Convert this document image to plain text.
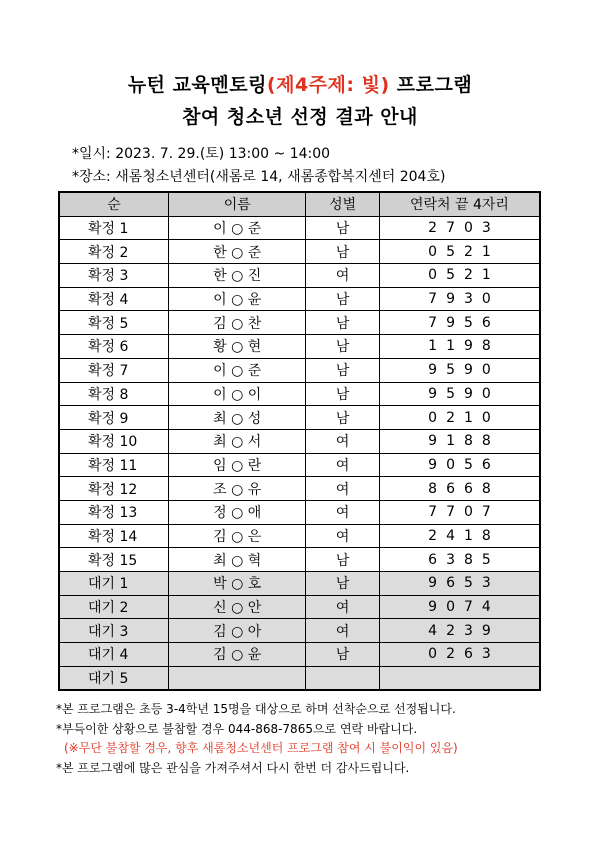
뉴턴 교육멘토링(제4주제: 빛) 프로그램
참여 청소년 선정 결과 안내
*일시: 2023. 7. 29.(토) 13:00 ~ 14:00
*장소: 새롬청소년센터(새롬로 14, 새롬종합복지센터 204호)
순	이름	성별	연락처 끝 4자리
확정 1	이 ○ 준	남	2703
확정 2	한 ○ 준	남	0521
확정 3	한 ○ 진	여	0521
확정 4	이 ○ 윤	남	7930
확정 5	김 ○ 찬	남	7956
확정 6	황 ○ 현	남	1198
확정 7	이 ○ 준	남	9590
확정 8	이 ○ 이	남	9590
확정 9	최 ○ 성	남	0210
확정 10	최 ○ 서	여	9188
확정 11	임 ○ 란	여	9056
확정 12	조 ○ 유	여	8668
확정 13	정 ○ 애	여	7707
확정 14	김 ○ 은	여	2418
확정 15	최 ○ 혁	남	6385
대기 1	박 ○ 호	남	9653
대기 2	신 ○ 안	여	9074
대기 3	김 ○ 아	여	4239
대기 4	김 ○ 윤	남	0263
대기 5			
*본 프로그램은 초등 3-4학년 15명을 대상으로 하며 선착순으로 선정됩니다.
*부득이한 상황으로 불참할 경우 044-868-7865으로 연락 바랍니다.
(※무단 불참할 경우, 향후 새롬청소년센터 프로그램 참여 시 불이익이 있음)
*본 프로그램에 많은 관심을 가져주셔서 다시 한번 더 감사드립니다.
